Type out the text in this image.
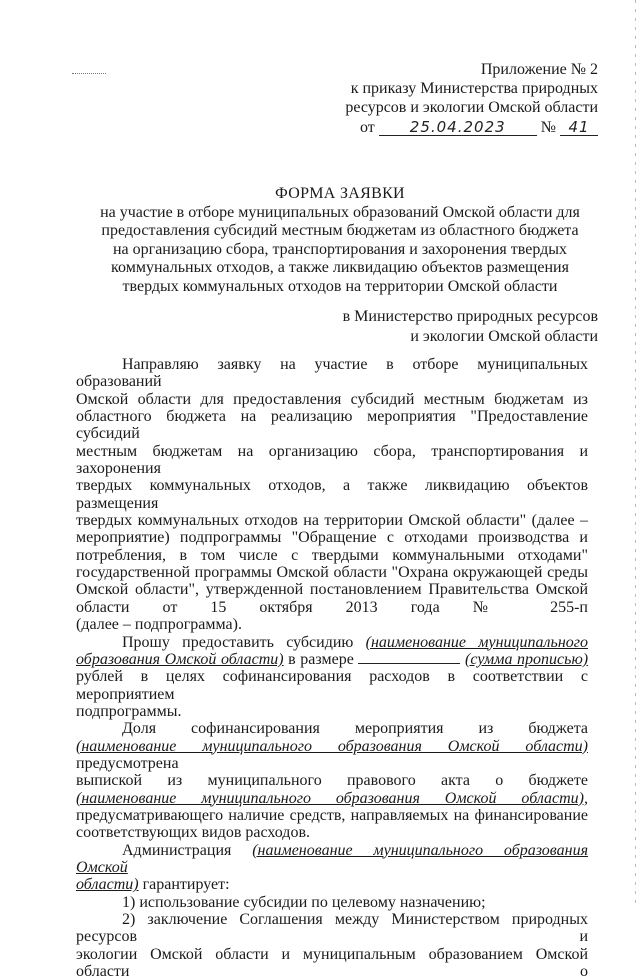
Приложение № 2
к приказу Министерства природных
ресурсов и экологии Омской области
от 25.04.2023 № 41
ФОРМА ЗАЯВКИ
на участие в отборе муниципальных образований Омской области для
предоставления субсидий местным бюджетам из областного бюджета
на организацию сбора, транспортирования и захоронения твердых
коммунальных отходов, а также ликвидацию объектов размещения
твердых коммунальных отходов на территории Омской области
в Министерство природных ресурсов
и экологии Омской области

Направляю заявку на участие в отборе муниципальных образований

Омской области для предоставления субсидий местным бюджетам из

областного бюджета на реализацию мероприятия "Предоставление субсидий

местным бюджетам на организацию сбора, транспортирования и захоронения

твердых коммунальных отходов, а также ликвидацию объектов размещения

твердых коммунальных отходов на территории Омской области" (далее –

мероприятие) подпрограммы "Обращение с отходами производства и

потребления, в том числе с твердыми коммунальными отходами"

государственной программы Омской области "Охрана окружающей среды

Омской области", утвержденной постановлением Правительства Омской

области от 15 октября 2013 года № 255-п

(далее – подпрограмма).

Прошу предоставить субсидию (наименование муниципального

образования Омской области) в размере	(сумма прописью)

рублей в целях софинансирования расходов в соответствии с мероприятием

подпрограммы.

Доля софинансирования мероприятия из бюджета

(наименование муниципального образования Омской области) предусмотрена

выпиской из муниципального правового акта о бюджете

(наименование муниципального образования Омской области),

предусматривающего наличие средств, направляемых на финансирование

соответствующих видов расходов.

Администрация (наименование муниципального образования Омской

области) гарантирует:

1) использование субсидии по целевому назначению;

2) заключение Соглашения между Министерством природных ресурсов и

экологии Омской области и муниципальным образованием Омской области о
